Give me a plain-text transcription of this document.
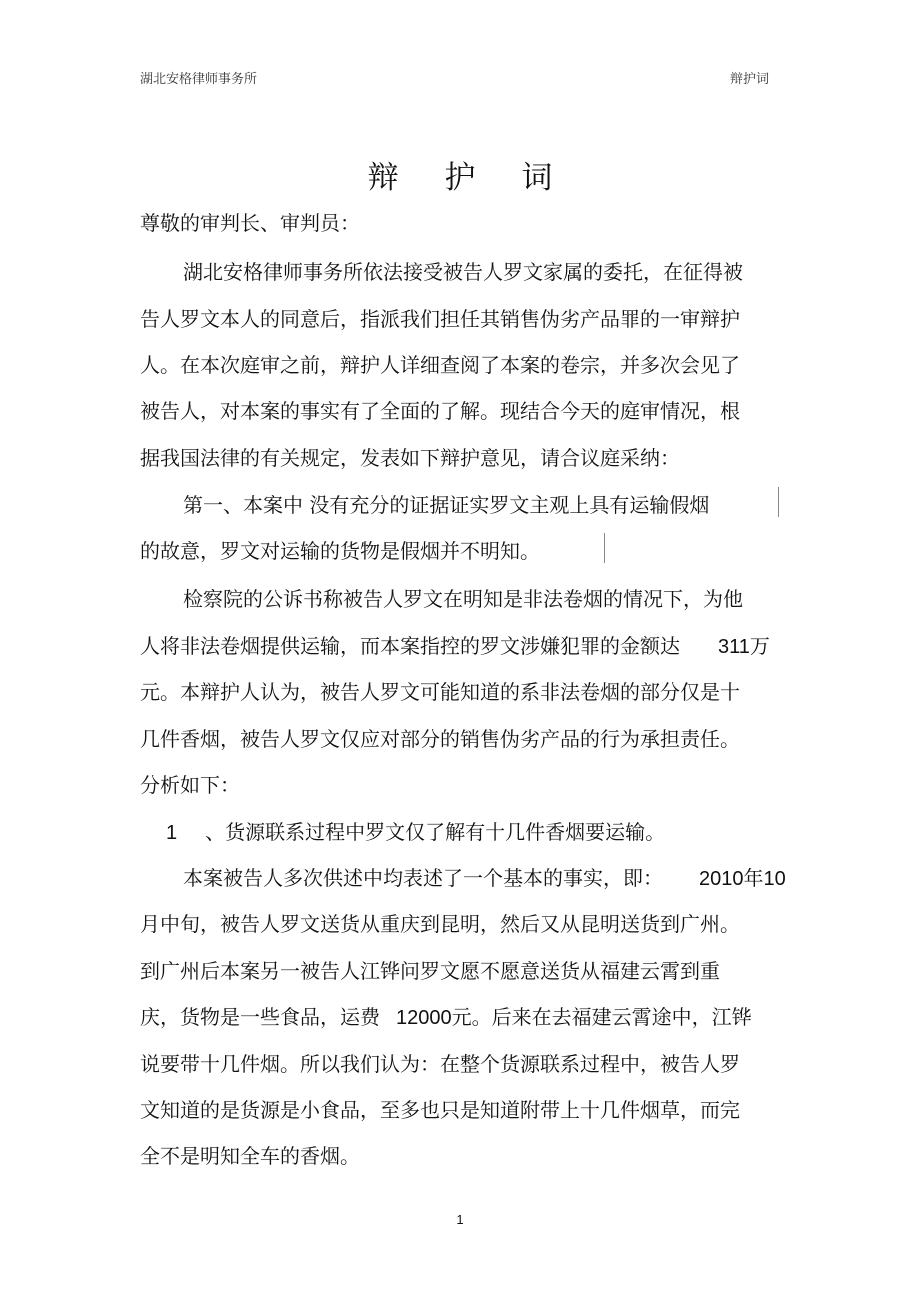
湖北安格律师事务所	辩护词
辩 护 词
尊敬的审判长、审判员：
湖北安格律师事务所依法接受被告人罗文家属的委托，在征得被
告人罗文本人的同意后，指派我们担任其销售伪劣产品罪的一审辩护
人。在本次庭审之前，辩护人详细查阅了本案的卷宗，并多次会见了
被告人，对本案的事实有了全面的了解。现结合今天的庭审情况，根
据我国法律的有关规定，发表如下辩护意见，请合议庭采纳：
第一、本案中 没有充分的证据证实罗文主观上具有运输假烟
的故意，罗文对运输的货物是假烟并不明知。
检察院的公诉书称被告人罗文在明知是非法卷烟的情况下，为他
人将非法卷烟提供运输，而本案指控的罗文涉嫌犯罪的金额达 311万
元。本辩护人认为，被告人罗文可能知道的系非法卷烟的部分仅是十
几件香烟，被告人罗文仅应对部分的销售伪劣产品的行为承担责任。
分析如下：
1 、货源联系过程中罗文仅了解有十几件香烟要运输。
本案被告人多次供述中均表述了一个基本的事实，即： 2010年10
月中旬，被告人罗文送货从重庆到昆明，然后又从昆明送货到广州。
到广州后本案另一被告人江铧问罗文愿不愿意送货从福建云霄到重
庆，货物是一些食品，运费 12000元。后来在去福建云霄途中，江铧
说要带十几件烟。所以我们认为：在整个货源联系过程中，被告人罗
文知道的是货源是小食品，至多也只是知道附带上十几件烟草，而完
全不是明知全车的香烟。
1
